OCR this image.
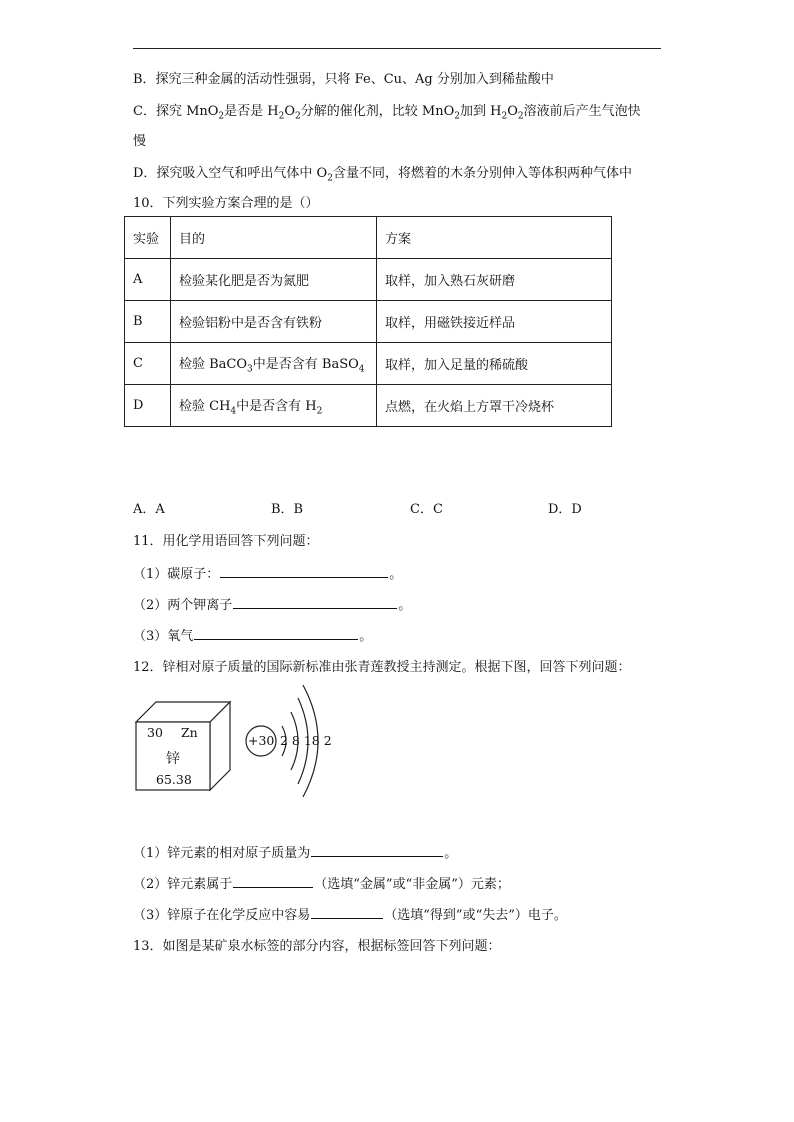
B．探究三种金属的活动性强弱，只将 Fe、Cu、Ag 分别加入到稀盐酸中
C．探究 MnO$_2$是否是 $H_2O_2$分解的催化剂，比较 MnO$_2$加到 $H_2O_2$溶液前后产生气泡快
慢
D．探究吸入空气和呼出气体中 $O_2$含量不同，将燃着的木条分别伸入等体积两种气体中
10．下列实验方案合理的是（）
实验	目的	方案
A	检验某化肥是否为氮肥	取样，加入熟石灰研磨
B	检验铝粉中是否含有铁粉	取样，用磁铁接近样品
C	检验 BaCO$_3$中是否含有 BaSO$_4$	取样，加入足量的稀硫酸
D	检验 $CH_4$中是否含有 $H_2$	点燃，在火焰上方罩干冷烧杯
A．A	B．B	C．C	D．D
11．用化学用语回答下列问题：
（1）碳原子：	。
（2）两个钾离子	。
（3）氧气	。
12．锌相对原子质量的国际新标准由张青莲教授主持测定。根据下图，回答下列问题：
30 Zn
锌
65.38
+30 2 8 18 2
（1）锌元素的相对原子质量为	。
（2）锌元素属于	（选填“金属”或“非金属”）元素；
（3）锌原子在化学反应中容易	（选填“得到”或“失去”）电子。
13．如图是某矿泉水标签的部分内容，根据标签回答下列问题：
